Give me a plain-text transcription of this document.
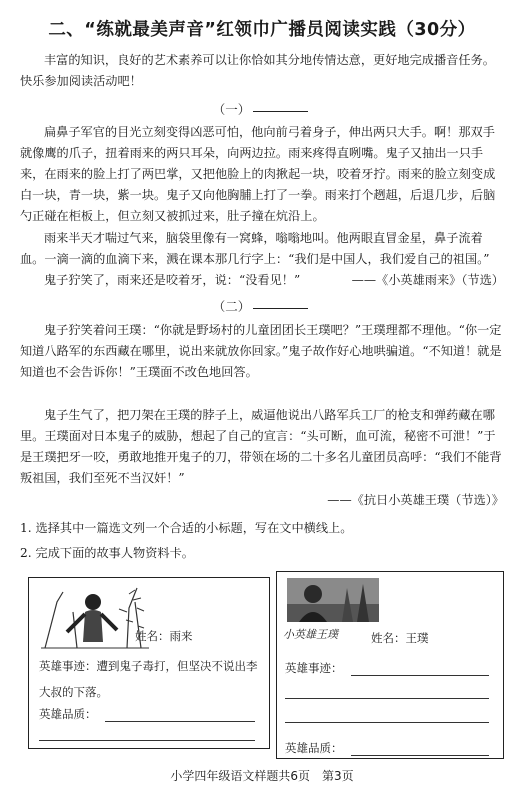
二、“练就最美声音”红领巾广播员阅读实践（30分）

丰富的知识，良好的艺术素养可以让你恰如其分地传情达意，更好地完成播音任务。快乐参加阅读活动吧！

（一）

扁鼻子军官的目光立刻变得凶恶可怕，他向前弓着身子，伸出两只大手。啊！那双手就像鹰的爪子，扭着雨来的两只耳朵，向两边拉。雨来疼得直咧嘴。鬼子又抽出一只手来，在雨来的脸上打了两巴掌，又把他脸上的肉揪起一块，咬着牙拧。雨来的脸立刻变成白一块，青一块，紫一块。鬼子又向他胸脯上打了一拳。雨来打个趔趄，后退几步，后脑勺正碰在柜板上，但立刻又被抓过来，肚子撞在炕沿上。

雨来半天才喘过气来，脑袋里像有一窝蜂，嗡嗡地叫。他两眼直冒金星，鼻子流着血。一滴一滴的血滴下来，溅在课本那几行字上：“我们是中国人，我们爱自己的祖国。”

鬼子狞笑了，雨来还是咬着牙，说：“没看见！”	——《小英雄雨来》（节选）
（二）

鬼子狞笑着问王璞：“你就是野场村的儿童团团长王璞吧？”王璞理都不理他。“你一定知道八路军的东西藏在哪里，说出来就放你回家。”鬼子故作好心地哄骗道。“不知道！就是知道也不会告诉你！”王璞面不改色地回答。

鬼子生气了，把刀架在王璞的脖子上，威逼他说出八路军兵工厂的枪支和弹药藏在哪里。王璞面对日本鬼子的威胁，想起了自己的宣言：“头可断，血可流，秘密不可泄！”于是王璞把牙一咬，勇敢地推开鬼子的刀，带领在场的二十多名儿童团员高呼：“我们不能背叛祖国，我们至死不当汉奸！”

——《抗日小英雄王璞（节选）》
1. 选择其中一篇选文列一个合适的小标题，写在文中横线上。
2. 完成下面的故事人物资料卡。
姓名：雨来
英雄事迹：遭到鬼子毒打，但坚决不说出李
大叔的下落。
英雄品质：
小英雄王璞	姓名：王璞
英雄事迹：
英雄品质：
小学四年级语文样题共6页　第3页
